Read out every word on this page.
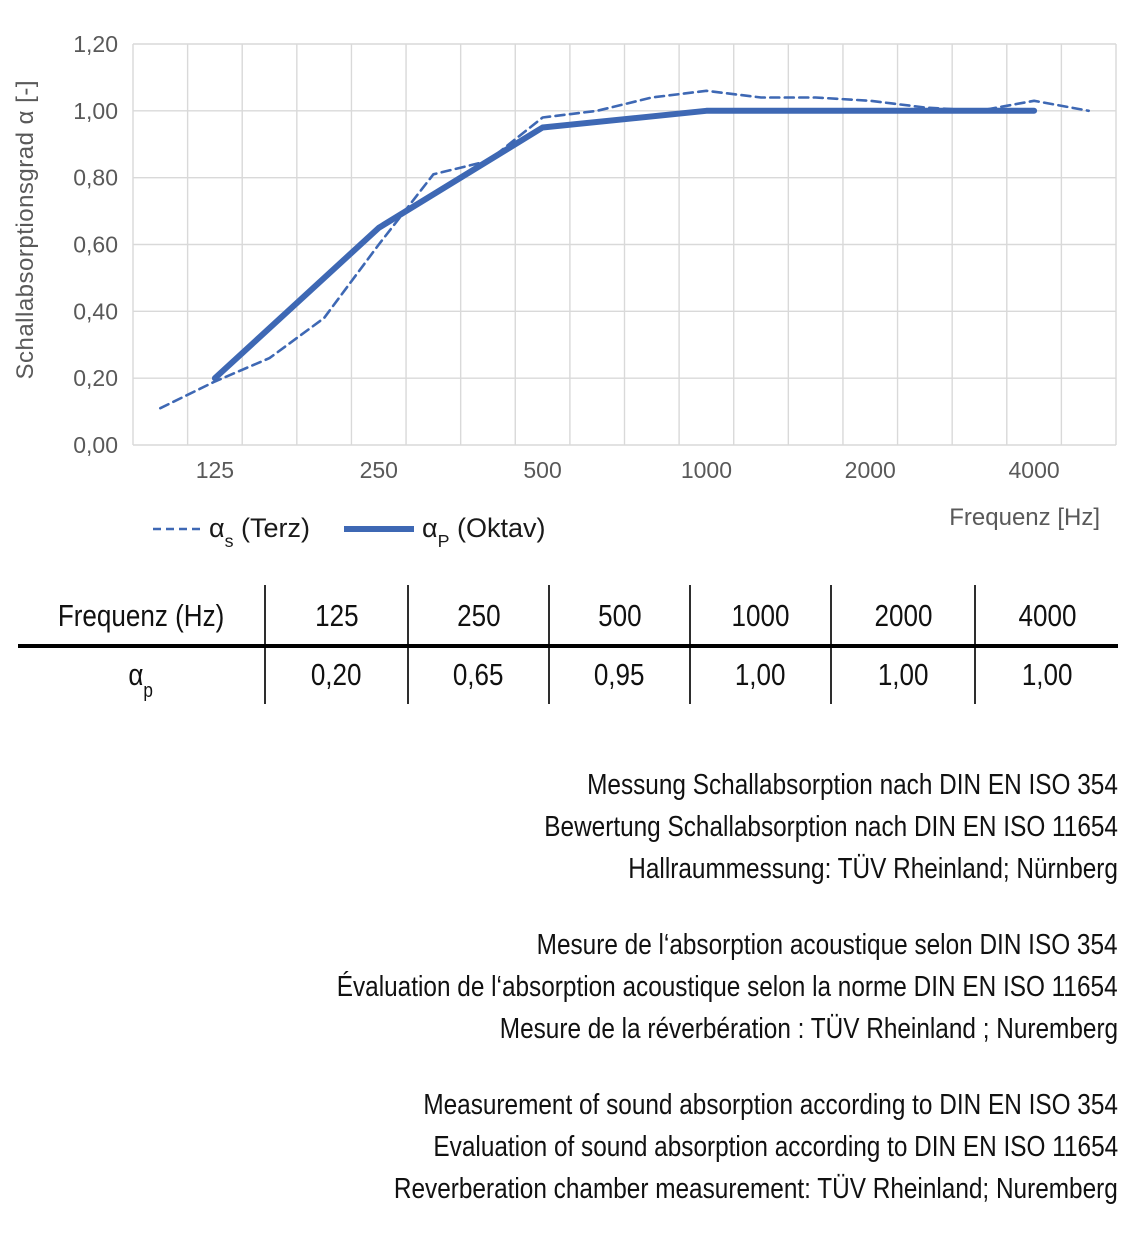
Schallabsorptionsgrad α [-]
0,00
0,20
0,40
0,60
0,80
1,00
1,20
125	250	500	1000	2000	4000
Frequenz [Hz]
$\alpha_s$ (Terz)	$\alpha_P$ (Oktav)
Frequenz (Hz)	125	250	500	1000	2000	4000
$\alpha_p$	0,20	0,65	0,95	1,00	1,00	1,00
Messung Schallabsorption nach DIN EN ISO 354
Bewertung Schallabsorption nach DIN EN ISO 11654
Hallraummessung: TÜV Rheinland; Nürnberg
Mesure de l‘absorption acoustique selon DIN ISO 354
Évaluation de l‘absorption acoustique selon la norme DIN EN ISO 11654
Mesure de la réverbération : TÜV Rheinland ; Nuremberg
Measurement of sound absorption according to DIN EN ISO 354
Evaluation of sound absorption according to DIN EN ISO 11654
Reverberation chamber measurement: TÜV Rheinland; Nuremberg
